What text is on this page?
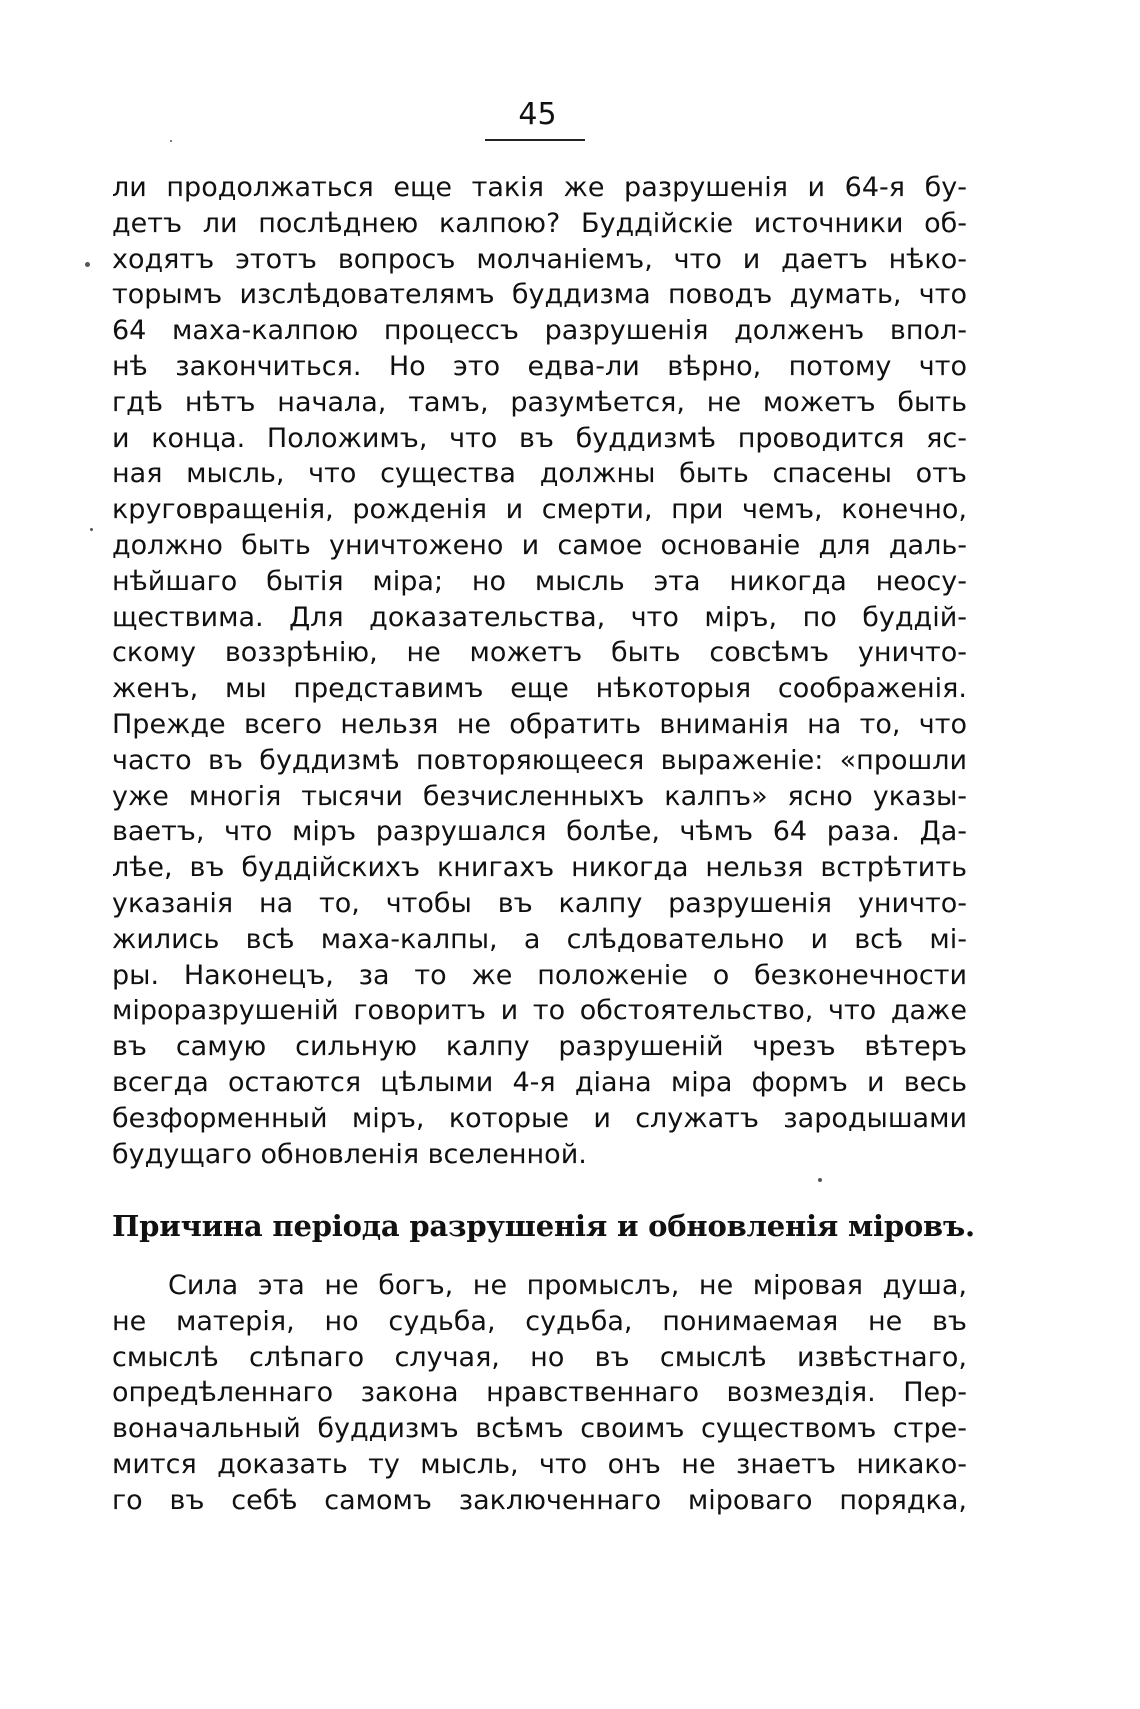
45
ли продолжаться еще такія же разрушенія и 64-я бу-
детъ ли послѣднею калпою? Буддійскіе источники об-
ходятъ этотъ вопросъ молчаніемъ, что и даетъ нѣко-
торымъ изслѣдователямъ буддизма поводъ думать, что
64 маха-калпою процессъ разрушенія долженъ впол-
нѣ закончиться. Но это едва-ли вѣрно, потому что
гдѣ нѣтъ начала, тамъ, разумѣется, не можетъ быть
и конца. Положимъ, что въ буддизмѣ проводится яс-
ная мысль, что существа должны быть спасены отъ
круговращенія, рожденія и смерти, при чемъ, конечно,
должно быть уничтожено и самое основаніе для даль-
нѣйшаго бытія міра; но мысль эта никогда неосу-
ществима. Для доказательства, что міръ, по буддій-
скому воззрѣнію, не можетъ быть совсѣмъ уничто-
женъ, мы представимъ еще нѣкоторыя соображенія.
Прежде всего нельзя не обратить вниманія на то, что
часто въ буддизмѣ повторяющееся выраженіе: «прошли
уже многія тысячи безчисленныхъ калпъ» ясно указы-
ваетъ, что міръ разрушался болѣе, чѣмъ 64 раза. Да-
лѣе, въ буддійскихъ книгахъ никогда нельзя встрѣтить
указанія на то, чтобы въ калпу разрушенія уничто-
жились всѣ маха-калпы, а слѣдовательно и всѣ мі-
ры. Наконецъ, за то же положеніе о безконечности
міроразрушеній говоритъ и то обстоятельство, что даже
въ самую сильную калпу разрушеній чрезъ вѣтеръ
всегда остаются цѣлыми 4-я діана міра формъ и весь
безформенный міръ, которые и служатъ зародышами
будущаго обновленія вселенной.
Причина періода разрушенія и обновленія міровъ.
Сила эта не богъ, не промыслъ, не міровая душа,
не матерія, но судьба, судьба, понимаемая не въ
смыслѣ слѣпаго случая, но въ смыслѣ извѣстнаго,
опредѣленнаго закона нравственнаго возмездія. Пер-
воначальный буддизмъ всѣмъ своимъ существомъ стре-
мится доказать ту мысль, что онъ не знаетъ никако-
го въ себѣ самомъ заключеннаго міроваго порядка,
